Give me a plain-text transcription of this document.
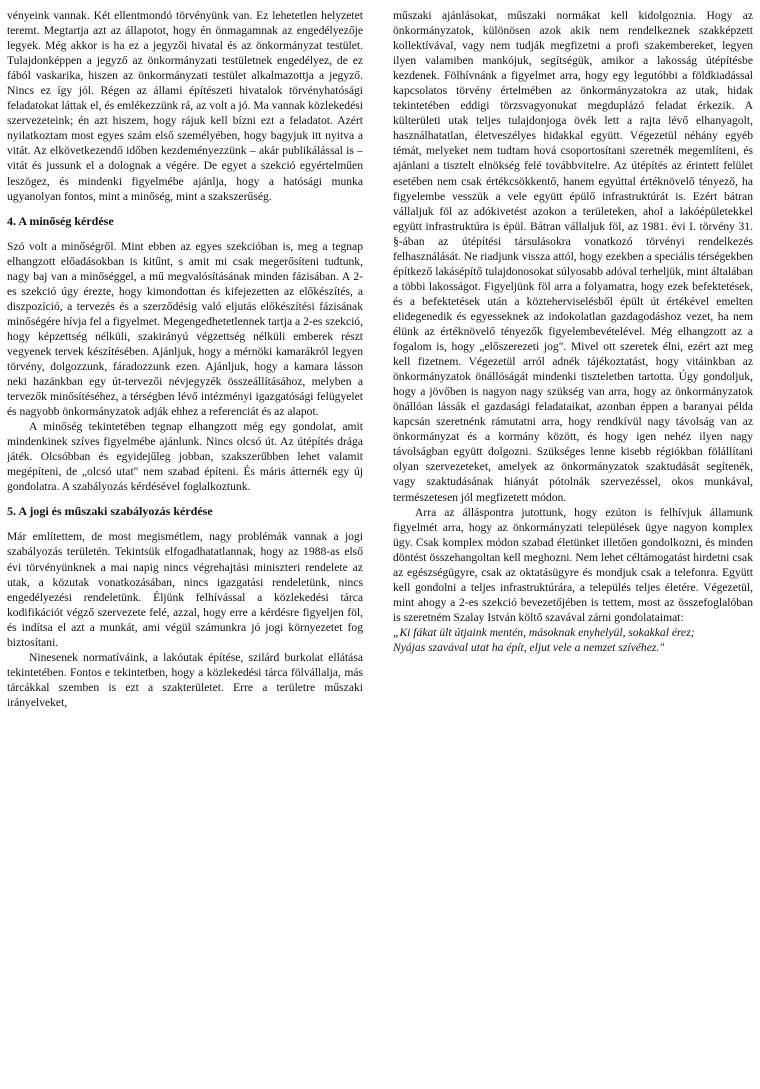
vényeink vannak. Két ellentmondó törvényünk van. Ez lehetetlen helyzetet teremt. Megtartja azt az állapotot, hogy én önmagamnak az engedélyezője legyek. Még akkor is ha ez a jegyzői hivatal és az önkormányzat testület. Tulajdonképpen a jegyző az önkormányzati testületnek engedélyez, de ez fából vaskarika, hiszen az önkormányzati testület alkalmazottja a jegyző. Nincs ez így jól. Régen az állami építészeti hivatalok törvényhatósági feladatokat láttak el, és emlékezzünk rá, az volt a jó. Ma vannak közlekedési szervezeteink; én azt hiszem, hogy rájuk kell bízni ezt a feladatot. Azért nyilatkoztam most egyes szám első személyében, hogy bagyjuk itt nyitva a vitát. Az elkövetkezendő időben kezdeményezzünk – akár publikálással is – vitát és jussunk el a dolognak a végére. De egyet a szekció egyértelműen leszögez, és mindenki figyelmébe ajánlja, hogy a hatósági munka ugyanolyan fontos, mint a minőség, mint a szakszerűség.

4. A minőség kérdése

Szó volt a minőségről. Mint ebben az egyes szekcióban is, meg a tegnap elhangzott előadásokban is kitűnt, s amit mi csak megerősíteni tudtunk, nagy baj van a minőséggel, a mű megvalósításának minden fázisában. A 2-es szekció úgy érezte, hogy kimondottan és kifejezetten az előkészítés, a diszpozíció, a tervezés és a szerződésig való eljutás előkészítési fázisának minőségére hívja fel a figyelmet. Megengedhetetlennek tartja a 2-es szekció, hogy képzettség nélküli, szakirányú végzettség nélküli emberek részt vegyenek tervek készítésében. Ajánljuk, hogy a mérnöki kamarákról legyen törvény, dolgozzunk, fáradozzunk ezen. Ajánljuk, hogy a kamara lásson neki hazánkban egy út-tervezői névjegyzék összeállításához, melyben a tervezők minősítéséhez, a térségben lévő intézményi igazgatósági felügyelet és nagyobb önkormányzatok adják ehhez a referenciát és az alapot.

A minőség tekintetében tegnap elhangzott még egy gondolat, amit mindenkinek szíves figyelmébe ajánlunk. Nincs olcsó út. Az útépítés drága játék. Olcsóbban és egyidejűleg jobban, szakszerűbben lehet valamit megépíteni, de „olcsó utat" nem szabad építeni. És máris átternék egy új gondolatra. A szabályozás kérdésével foglalkoztunk.

5. A jogi és műszaki szabályozás kérdése

Már említettem, de most megismétlem, nagy problémák vannak a jogi szabályozás területén. Tekintsük elfogadhatatlannak, hogy az 1988-as első évi törvényünknek a mai napig nincs végrehajtási miniszteri rendelete az utak, a közutak vonatkozásában, nincs igazgatási rendeletünk, nincs engedélyezési rendeletünk. Éljünk felhívással a közlekedési tárca kodifikációt végző szervezete felé, azzal, hogy erre a kérdésre figyeljen föl, és indítsa el azt a munkát, ami végül számunkra jó jogi környezetet fog biztosítani.

Ninesenek normatíváink, a lakóutak építése, szilárd burkolat ellátása tekintetében. Fontos e tekintetben, hogy a közlekedési tárca fölvállalja, más tárcákkal szemben is ezt a szakterületet. Erre a területre műszaki irányelveket,

műszaki ajánlásokat, műszaki normákat kell kidolgoznia. Hogy az önkormányzatok, különösen azok akik nem rendelkeznek szakképzett kollektívával, vagy nem tudják megfizetni a profi szakembereket, legyen ilyen valamiben mankójuk, segítségük, amikor a lakosság útépítésbe kezdenek. Fölhívnánk a figyelmet arra, hogy egy legutóbbi a földkiadással kapcsolatos törvény értelmében az önkormányzatokra az utak, hidak tekintetében eddigi törzsvagyonukat megduplázó feladat érkezik. A külterületi utak teljes tulajdonjoga övék lett a rajta lévő elhanyagolt, használhatatlan, életveszélyes hidakkal együtt. Végezetül néhány egyéb témát, melyeket nem tudtam hová csoportosítani szeretnék megemlíteni, és ajánlani a tisztelt elnökség felé továbbvitelre. Az útépítés az érintett felület esetében nem csak értékcsökkentő, hanem egyúttal értéknövelő tényező, ha figyelembe vesszük a vele együtt épülő infrastruktúrát is. Ezért bátran vállaljuk föl az adókivetést azokon a területeken, ahol a lakóépületekkel együtt infrastruktúra is épül. Bátran vállaljuk föl, az 1981. évi I. törvény 31. §-ában az útépítési társulásokra vonatkozó törvényi rendelkezés felhasználását. Ne riadjunk vissza attól, hogy ezekben a speciális térségekben építkező lakásépítő tulajdonosokat súlyosabb adóval terheljük, mint általában a többi lakosságot. Figyeljünk föl arra a folyamatra, hogy ezek befektetések, és a befektetések után a közteherviselésből épült út értékével emelten elidegenedik és egyesseknek az indokolatlan gazdagodáshoz vezet, ha nem élünk az értéknövelő tényezők figyelembevételével. Még elhangzott az a fogalom is, hogy „előszerezeti jog". Mivel ott szeretek élni, ezért azt meg kell fizetnem. Végezetül arról adnék tájékoztatást, hogy vitáinkban az önkormányzatok önállóságát mindenki tiszteletben tartotta. Úgy gondoljuk, hogy a jövőben is nagyon nagy szükség van arra, hogy az önkormányzatok önállóan lássák el gazdasági feladataikat, azonban éppen a baranyai példa kapcsán szeretnénk rámutatni arra, hogy rendkívül nagy távolság van az önkormányzat és a kormány között, és hogy igen nehéz ilyen nagy távolságban együtt dolgozni. Szükséges lenne kisebb régiókban fölállítani olyan szervezeteket, amelyek az önkormányzatok szaktudását segítenék, vagy szaktudásának hiányát pótolnák szervezéssel, okos munkával, természetesen jól megfizetett módon.

Arra az álláspontra jutottunk, hogy ezúton is felhívjuk államunk figyelmét arra, hogy az önkormányzati települések ügye nagyon komplex ügy. Csak komplex módon szabad életünket illetően gondolkozni, és minden döntést összehangoltan kell meghozni. Nem lehet céltámogatást hirdetni csak az egészségügyre, csak az oktatásügyre és mondjuk csak a telefonra. Együtt kell gondolni a teljes infrastruktúrára, a település teljes életére. Végezetül, mint ahogy a 2-es szekció bevezetőjében is tettem, most az összefoglalóban is szeretném Szalay István költő szavával zárni gondolataimat:

„Ki fákat ült útjaink mentén, másoknak enyhelyül, sokakkal érez;

Nyájas szavával utat ha épít, eljut vele a nemzet szívéhez."
